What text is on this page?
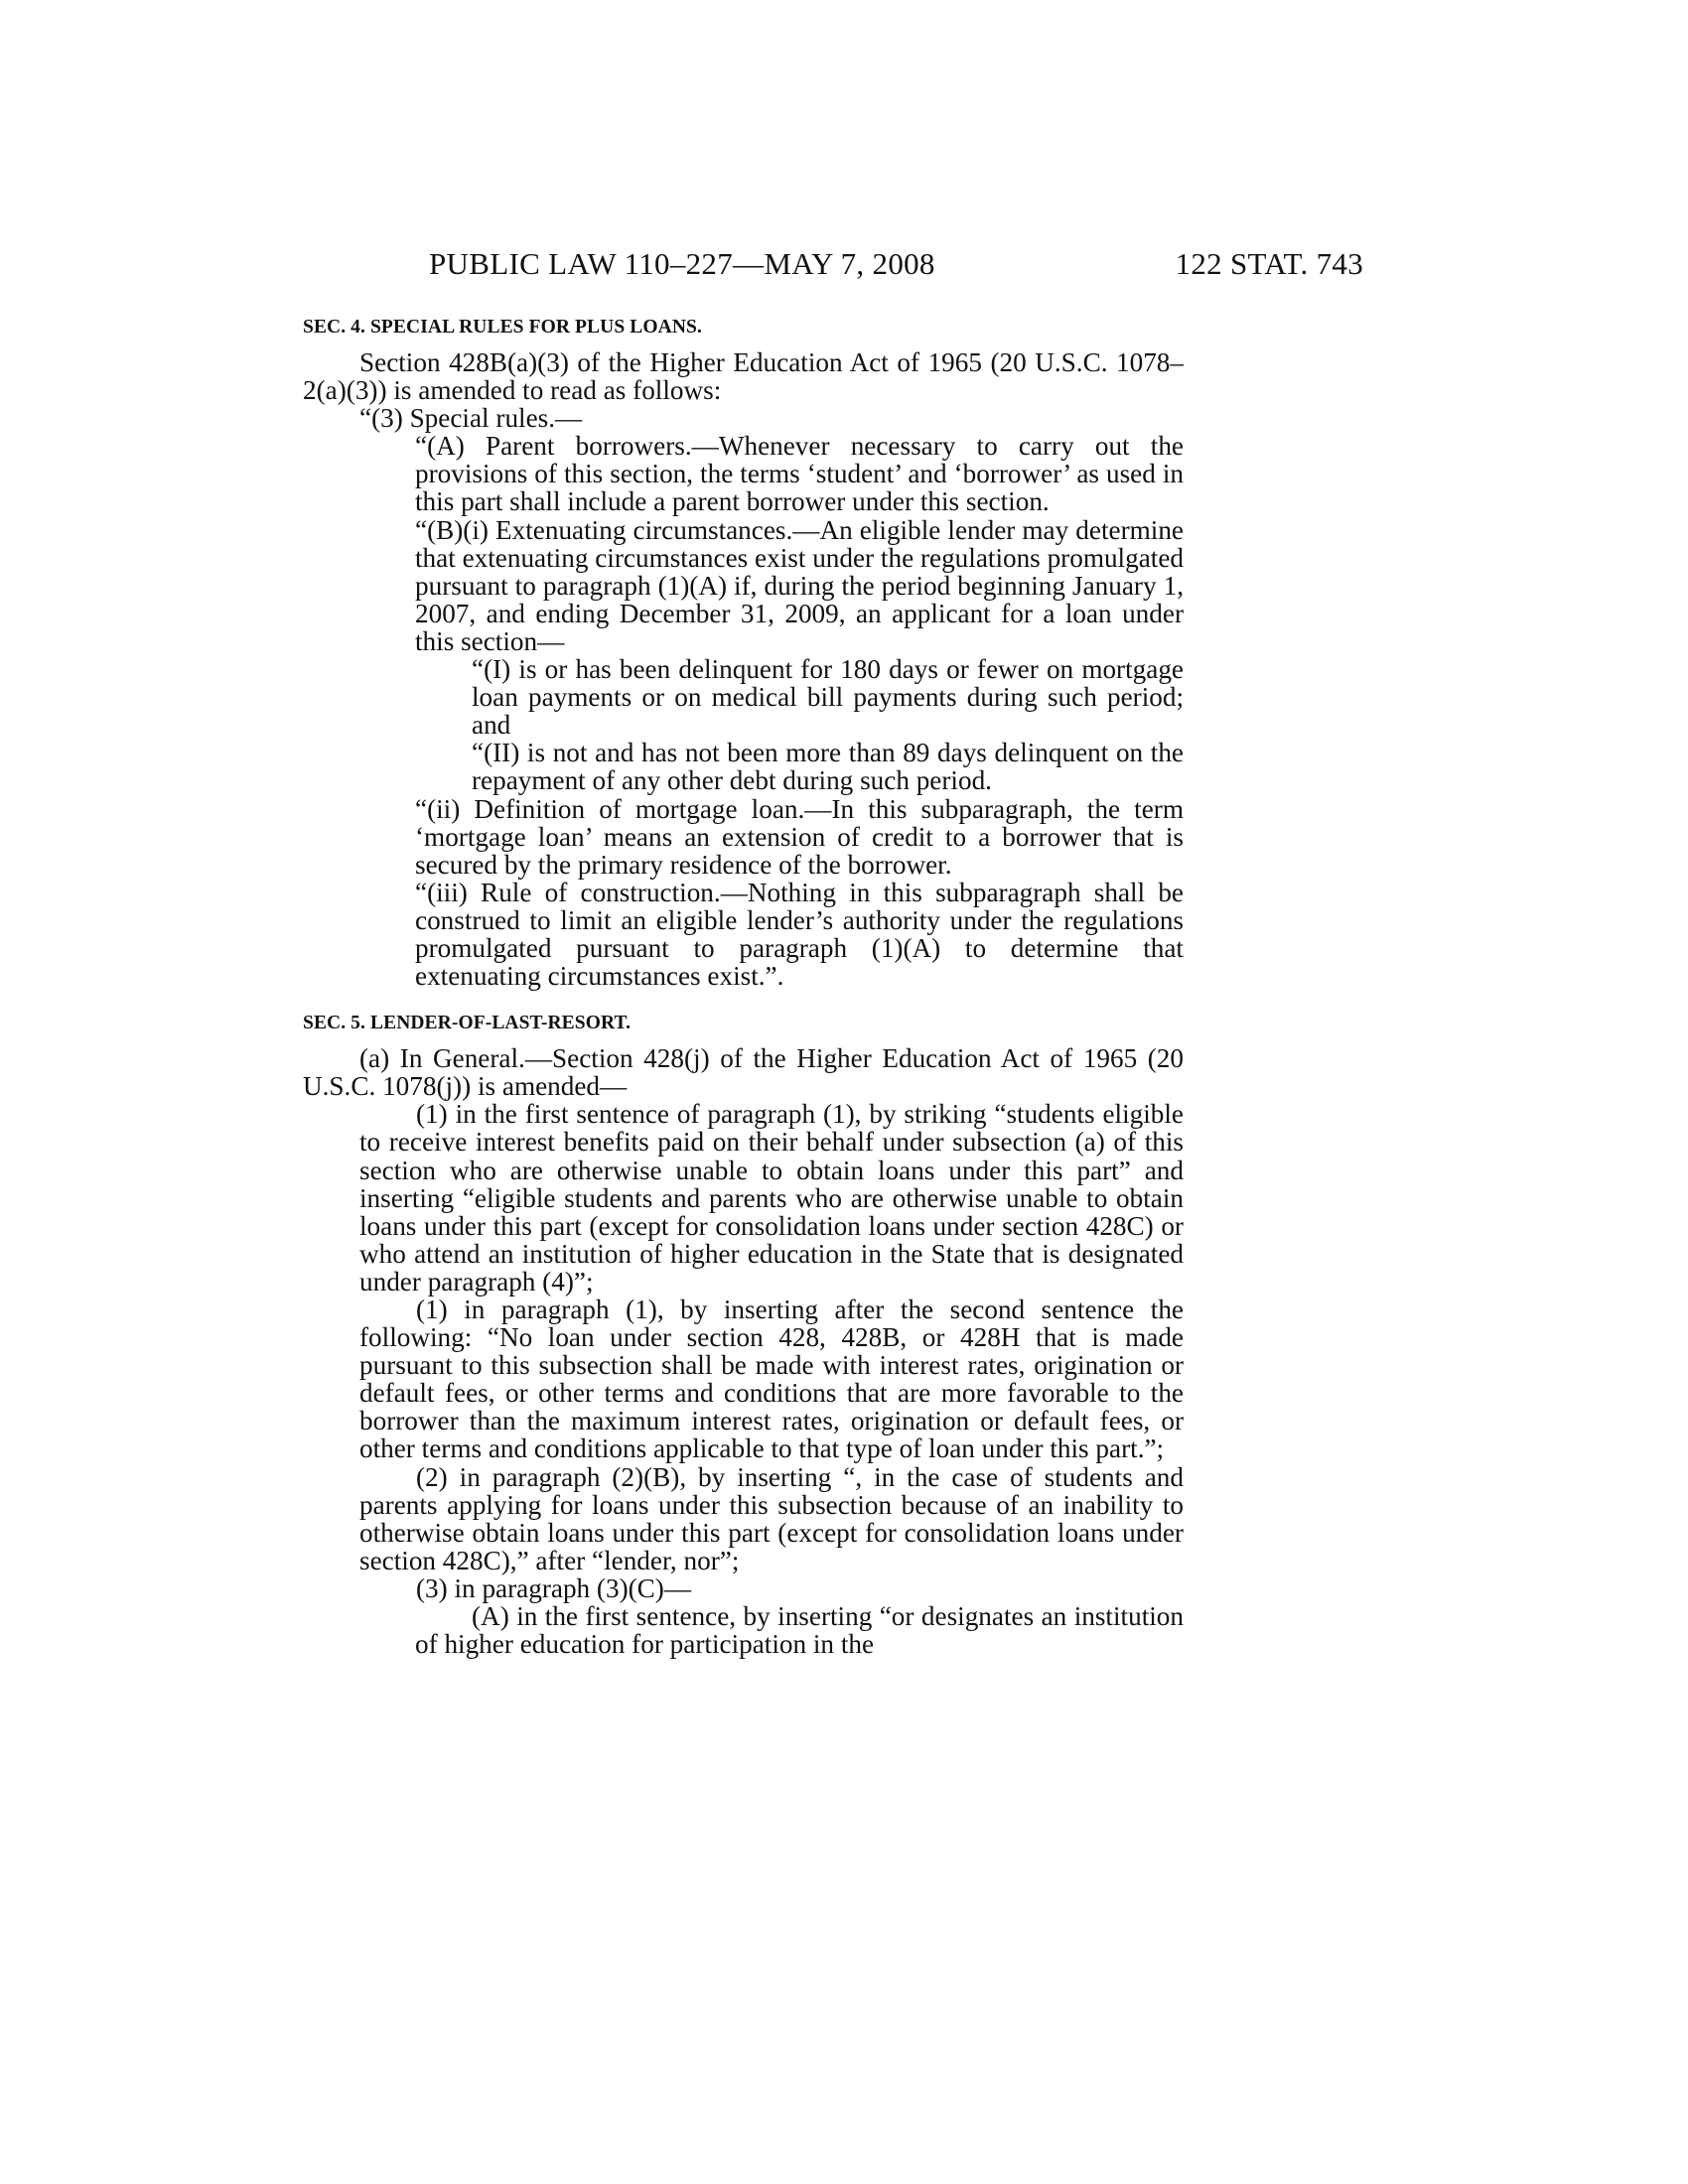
PUBLIC LAW 110–227—MAY 7, 2008	122 STAT. 743
SEC. 4. SPECIAL RULES FOR PLUS LOANS.

Section 428B(a)(3) of the Higher Education Act of 1965 (20 U.S.C. 1078–2(a)(3)) is amended to read as follows:

“(3) Special rules.—

“(A) Parent borrowers.—Whenever necessary to carry out the provisions of this section, the terms ‘student’ and ‘borrower’ as used in this part shall include a parent borrower under this section.

“(B)(i) Extenuating circumstances.—An eligible lender may determine that extenuating circumstances exist under the regulations promulgated pursuant to paragraph (1)(A) if, during the period beginning January 1, 2007, and ending December 31, 2009, an applicant for a loan under this section—

“(I) is or has been delinquent for 180 days or fewer on mortgage loan payments or on medical bill payments during such period; and

“(II) is not and has not been more than 89 days delinquent on the repayment of any other debt during such period.

“(ii) Definition of mortgage loan.—In this subparagraph, the term ‘mortgage loan’ means an extension of credit to a borrower that is secured by the primary residence of the borrower.

“(iii) Rule of construction.—Nothing in this subparagraph shall be construed to limit an eligible lender’s authority under the regulations promulgated pursuant to paragraph (1)(A) to determine that extenuating circumstances exist.”.

SEC. 5. LENDER-OF-LAST-RESORT.

(a) In General.—Section 428(j) of the Higher Education Act of 1965 (20 U.S.C. 1078(j)) is amended—

(1) in the first sentence of paragraph (1), by striking “students eligible to receive interest benefits paid on their behalf under subsection (a) of this section who are otherwise unable to obtain loans under this part” and inserting “eligible students and parents who are otherwise unable to obtain loans under this part (except for consolidation loans under section 428C) or who attend an institution of higher education in the State that is designated under paragraph (4)”;

(1) in paragraph (1), by inserting after the second sentence the following: “No loan under section 428, 428B, or 428H that is made pursuant to this subsection shall be made with interest rates, origination or default fees, or other terms and conditions that are more favorable to the borrower than the maximum interest rates, origination or default fees, or other terms and conditions applicable to that type of loan under this part.”;

(2) in paragraph (2)(B), by inserting “, in the case of students and parents applying for loans under this subsection because of an inability to otherwise obtain loans under this part (except for consolidation loans under section 428C),” after “lender, nor”;

(3) in paragraph (3)(C)—

(A) in the first sentence, by inserting “or designates an institution of higher education for participation in the
